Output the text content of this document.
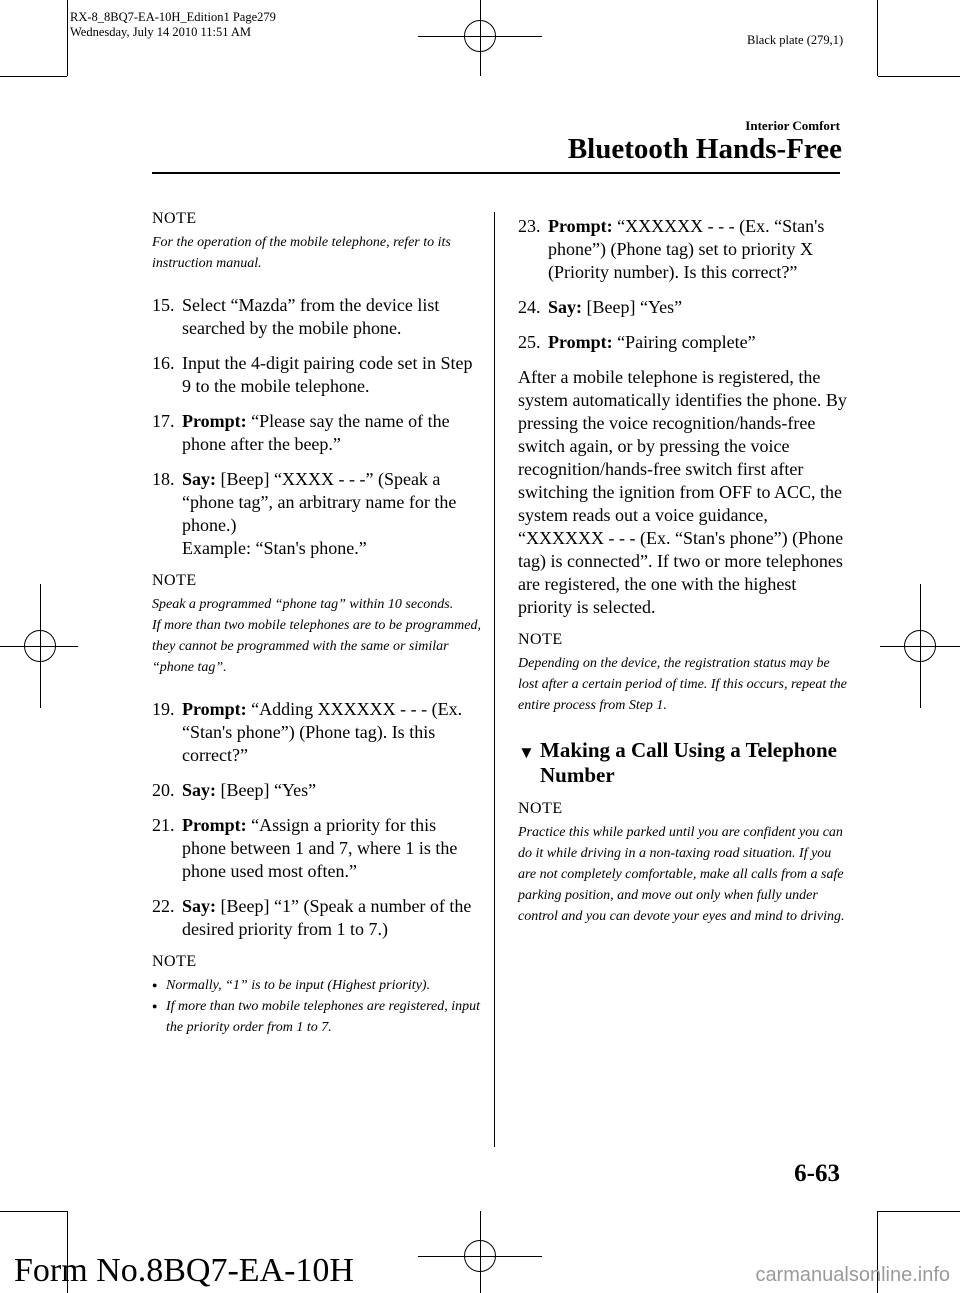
RX-8_8BQ7-EA-10H_Edition1 Page279
Wednesday, July 14 2010 11:51 AM
Black plate (279,1)
Interior Comfort
Bluetooth Hands-Free

NOTE

For the operation of the mobile telephone, refer to its instruction manual.

15. Select “Mazda” from the device list searched by the mobile phone.

16. Input the 4-digit pairing code set in Step 9 to the mobile telephone.

17. Prompt: “Please say the name of the phone after the beep.”

18. Say: [Beep] “XXXX - - -” (Speak a “phone tag”, an arbitrary name for the phone.)
Example: “Stan's phone.”

NOTE

Speak a programmed “phone tag” within 10 seconds.

If more than two mobile telephones are to be programmed, they cannot be programmed with the same or similar “phone tag”.

19. Prompt: “Adding XXXXXX - - - (Ex. “Stan's phone”) (Phone tag). Is this correct?”

20. Say: [Beep] “Yes”

21. Prompt: “Assign a priority for this phone between 1 and 7, where 1 is the phone used most often.”

22. Say: [Beep] “1” (Speak a number of the desired priority from 1 to 7.)

NOTE

● Normally, “1” is to be input (Highest priority).

● If more than two mobile telephones are registered, input the priority order from 1 to 7.

23. Prompt: “XXXXXX - - - (Ex. “Stan's phone”) (Phone tag) set to priority X (Priority number). Is this correct?”

24. Say: [Beep] “Yes”

25. Prompt: “Pairing complete”

After a mobile telephone is registered, the system automatically identifies the phone. By pressing the voice recognition/hands-free switch again, or by pressing the voice recognition/hands-free switch first after switching the ignition from OFF to ACC, the system reads out a voice guidance, “XXXXXX - - - (Ex. “Stan's phone”) (Phone tag) is connected”. If two or more telephones are registered, the one with the highest priority is selected.

NOTE

Depending on the device, the registration status may be lost after a certain period of time. If this occurs, repeat the entire process from Step 1.

▼ Making a Call Using a Telephone Number

NOTE

Practice this while parked until you are confident you can do it while driving in a non-taxing road situation. If you are not completely comfortable, make all calls from a safe parking position, and move out only when fully under control and you can devote your eyes and mind to driving.

6-63
Form No.8BQ7-EA-10H	carmanualsonline.info
